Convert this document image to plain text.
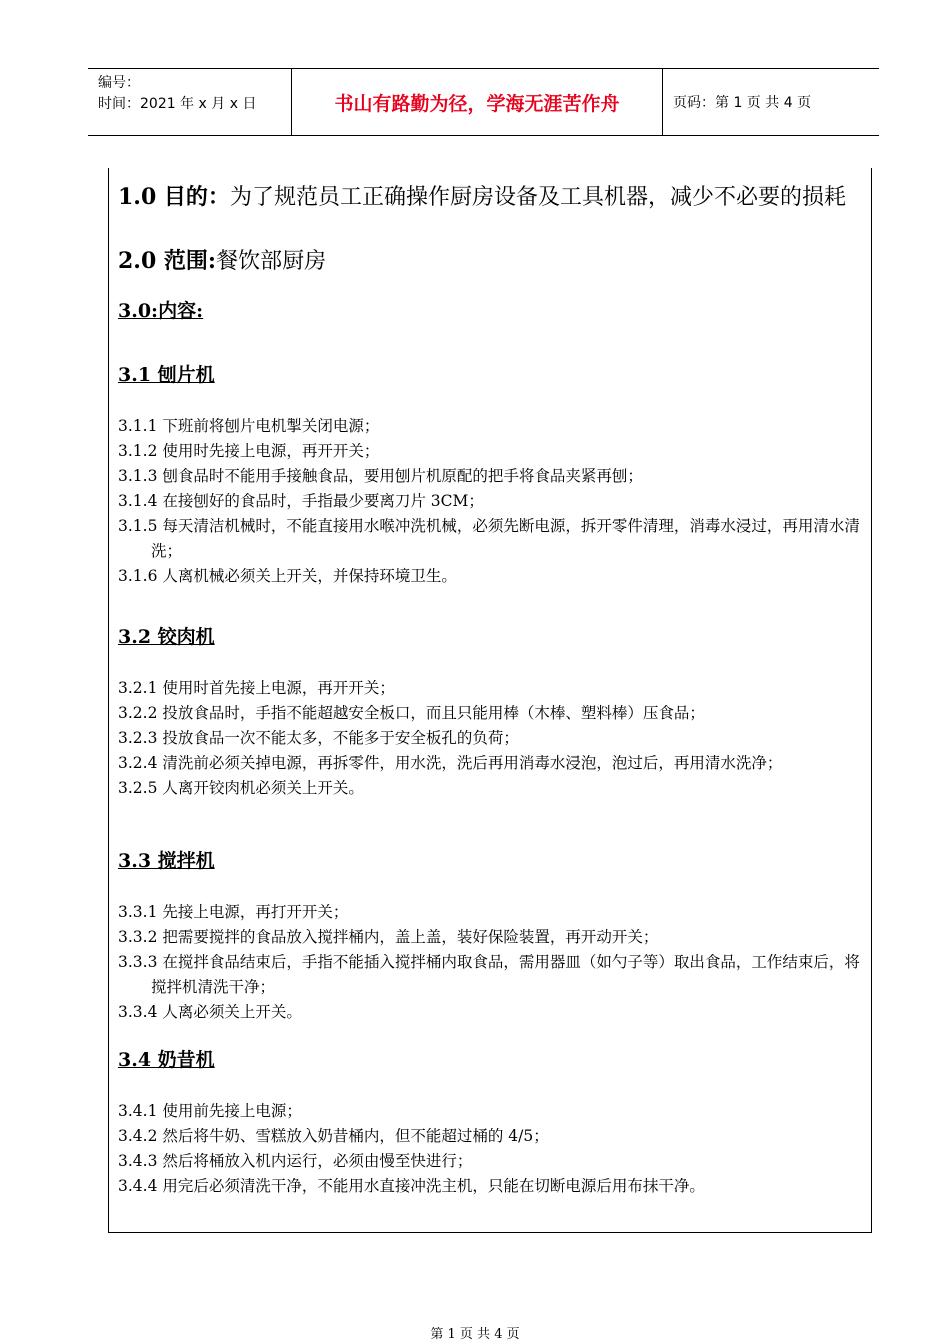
编号：
时间：2021 年 x 月 x 日	书山有路勤为径，学海无涯苦作舟	页码：第 1 页 共 4 页

1.0 目的：为了规范员工正确操作厨房设备及工具机器，减少不必要的损耗

2.0 范围:餐饮部厨房

3.0:内容:

3.1 刨片机

3.1.1 下班前将刨片电机掣关闭电源；
3.1.2 使用时先接上电源，再开开关；
3.1.3 刨食品时不能用手接触食品，要用刨片机原配的把手将食品夹紧再刨；
3.1.4 在接刨好的食品时，手指最少要离刀片 3CM；
3.1.5 每天清洁机械时，不能直接用水喉冲洗机械，必须先断电源，拆开零件清理，消毒水浸过，再用清水清洗；
3.1.6 人离机械必须关上开关，并保持环境卫生。

3.2 铰肉机

3.2.1 使用时首先接上电源，再开开关；
3.2.2 投放食品时，手指不能超越安全板口，而且只能用棒（木棒、塑料棒）压食品；
3.2.3 投放食品一次不能太多，不能多于安全板孔的负荷；
3.2.4 清洗前必须关掉电源，再拆零件，用水洗，洗后再用消毒水浸泡，泡过后，再用清水洗净；
3.2.5 人离开铰肉机必须关上开关。

3.3 搅拌机

3.3.1 先接上电源，再打开开关；
3.3.2 把需要搅拌的食品放入搅拌桶内，盖上盖，装好保险装置，再开动开关；
3.3.3 在搅拌食品结束后，手指不能插入搅拌桶内取食品，需用器皿（如勺子等）取出食品，工作结束后，将搅拌机清洗干净；
3.3.4 人离必须关上开关。

3.4 奶昔机

3.4.1 使用前先接上电源；
3.4.2 然后将牛奶、雪糕放入奶昔桶内，但不能超过桶的 4/5；
3.4.3 然后将桶放入机内运行，必须由慢至快进行；
3.4.4 用完后必须清洗干净，不能用水直接冲洗主机，只能在切断电源后用布抹干净。
第 1 页 共 4 页
